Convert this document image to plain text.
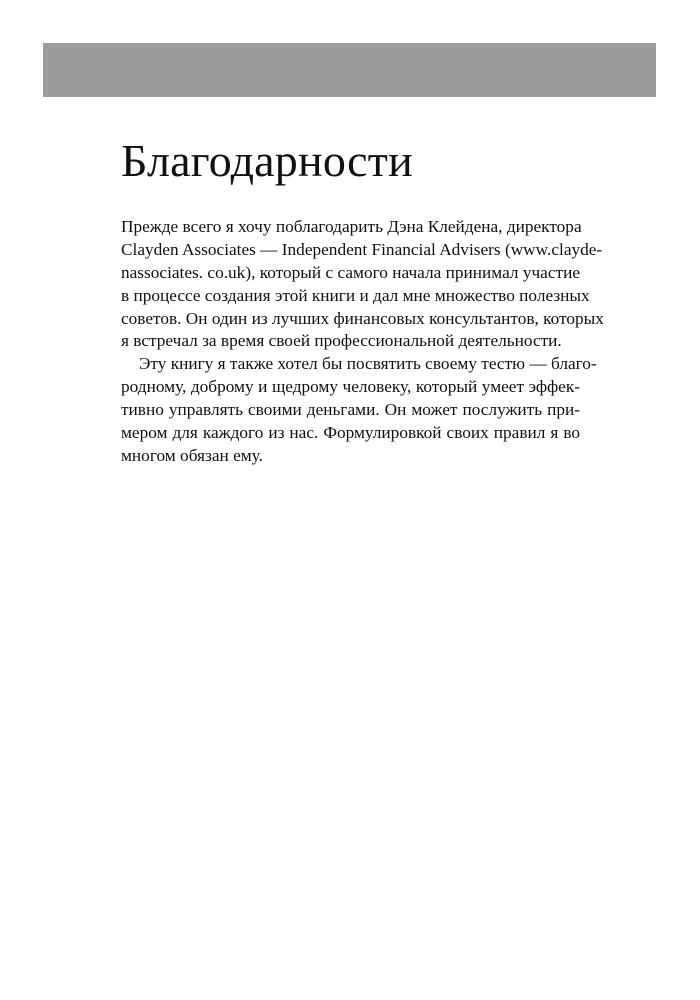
Благодарности
Прежде всего я хочу поблагодарить Дэна Клейдена, директора
Clayden Associates — Independent Financial Advisers (www.clayde-
nassociates. co.uk), который с самого начала принимал участие
в процессе создания этой книги и дал мне множество полезных
советов. Он один из лучших финансовых консультантов, которых
я встречал за время своей профессиональной деятельности.
Эту книгу я также хотел бы посвятить своему тестю — благо-
родному, доброму и щедрому человеку, который умеет эффек-
тивно управлять своими деньгами. Он может послужить при-
мером для каждого из нас. Формулировкой своих правил я во
многом обязан ему.
